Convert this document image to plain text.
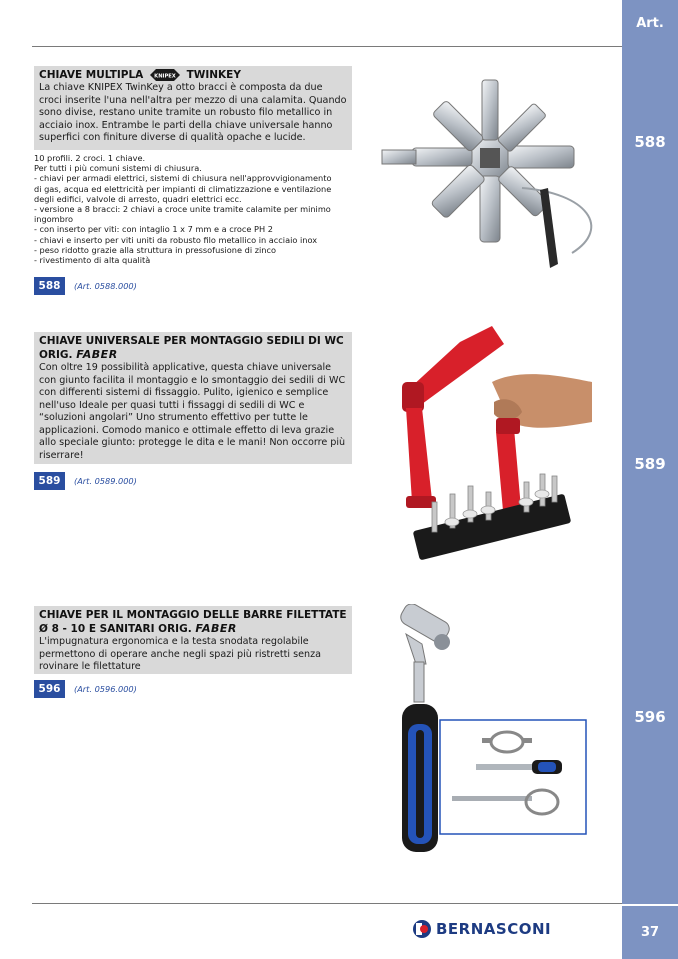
Art.
588
589
596
37
CHIAVE MULTIPLA KNIPEX TWINKEY
La chiave KNIPEX TwinKey a otto bracci è composta da due croci inserite l'una nell'altra per mezzo di una calamita. Quando sono divise, restano unite tramite un robusto filo metallico in acciaio inox. Entrambe le parti della chiave universale hanno superfici con finiture diverse di qualità opache e lucide.
10 profili. 2 croci. 1 chiave.
Per tutti i più comuni sistemi di chiusura.
- chiavi per armadi elettrici, sistemi di chiusura nell'approvvigionamento
di gas, acqua ed elettricità per impianti di climatizzazione e ventilazione
degli edifici, valvole di arresto, quadri elettrici ecc.
- versione a 8 bracci: 2 chiavi a croce unite tramite calamite per minimo
ingombro
- con inserto per viti: con intaglio 1 x 7 mm e a croce PH 2
- chiavi e inserto per viti uniti da robusto filo metallico in acciaio inox
- peso ridotto grazie alla struttura in pressofusione di zinco
- rivestimento di alta qualità
588	(Art. 0588.000)
CHIAVE UNIVERSALE PER MONTAGGIO SEDILI DI WC
ORIG. FABER
Con oltre 19 possibilità applicative, questa chiave universale con giunto facilita il montaggio e lo smontaggio dei sedili di WC con differenti sistemi di fissaggio. Pulito, igienico e semplice nell'uso Ideale per quasi tutti i fissaggi di sedili di WC e “soluzioni angolari” Uno strumento effettivo per tutte le applicazioni. Comodo manico e ottimale effetto di leva grazie allo speciale giunto: protegge le dita e le mani! Non occorre più riserrare!
589	(Art. 0589.000)
CHIAVE PER IL MONTAGGIO DELLE BARRE FILETTATE
Ø 8 - 10 E SANITARI ORIG. FABER
L'impugnatura ergonomica e la testa snodata regolabile permettono di operare anche negli spazi più ristretti senza rovinare le filettature
596	(Art. 0596.000)
BERNASCONI
